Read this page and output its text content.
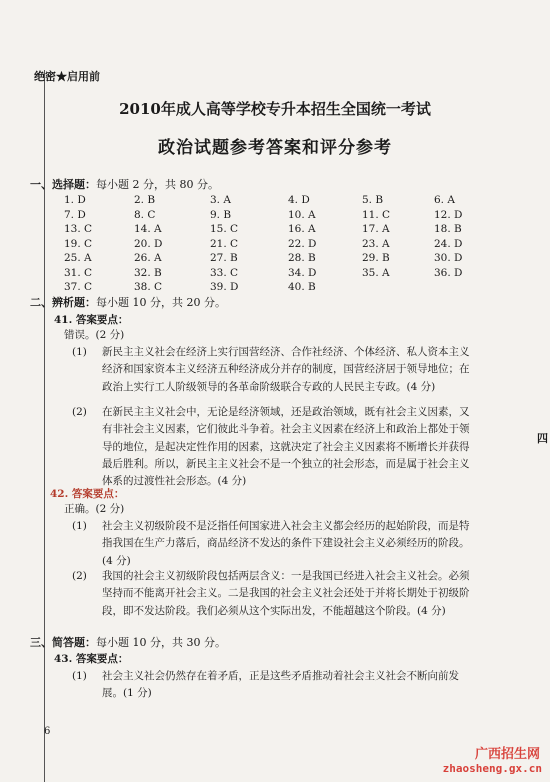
绝密★启用前
2010年成人高等学校专升本招生全国统一考试
政治试题参考答案和评分参考
一、选择题：每小题 2 分，共 80 分。
1. D	2. B	3. A	4. D	5. B	6. A
7. D	8. C	9. B	10. A	11. C	12. D
13. C	14. A	15. C	16. A	17. A	18. B
19. C	20. D	21. C	22. D	23. A	24. D
25. A	26. A	27. B	28. B	29. B	30. D
31. C	32. B	33. C	34. D	35. A	36. D
37. C	38. C	39. D	40. B
二、辨析题：每小题 10 分，共 20 分。
41. 答案要点：
错误。(2 分)
(1) 新民主主义社会在经济上实行国营经济、合作社经济、个体经济、私人资本主义经济和国家资本主义经济五种经济成分并存的制度，国营经济居于领导地位；在政治上实行工人阶级领导的各革命阶级联合专政的人民民主专政。(4 分)
(2) 在新民主主义社会中，无论是经济领域，还是政治领域，既有社会主义因素，又有非社会主义因素，它们彼此斗争着。社会主义因素在经济上和政治上都处于领导的地位，是起决定性作用的因素，这就决定了社会主义因素将不断增长并获得最后胜利。所以，新民主主义社会不是一个独立的社会形态，而是属于社会主义体系的过渡性社会形态。(4 分)
42. 答案要点：
正确。(2 分)
(1) 社会主义初级阶段不是泛指任何国家进入社会主义都会经历的起始阶段，而是特指我国在生产力落后，商品经济不发达的条件下建设社会主义必须经历的阶段。(4 分)
(2) 我国的社会主义初级阶段包括两层含义：一是我国已经进入社会主义社会。必须坚持而不能离开社会主义。二是我国的社会主义社会还处于并将长期处于初级阶段，即不发达阶段。我们必须从这个实际出发，不能超越这个阶段。(4 分)
三、简答题：每小题 10 分，共 30 分。
43. 答案要点：
(1) 社会主义社会仍然存在着矛盾，正是这些矛盾推动着社会主义社会不断向前发展。(1 分)
6
四
广西招生网
zhaosheng.gx.cn
